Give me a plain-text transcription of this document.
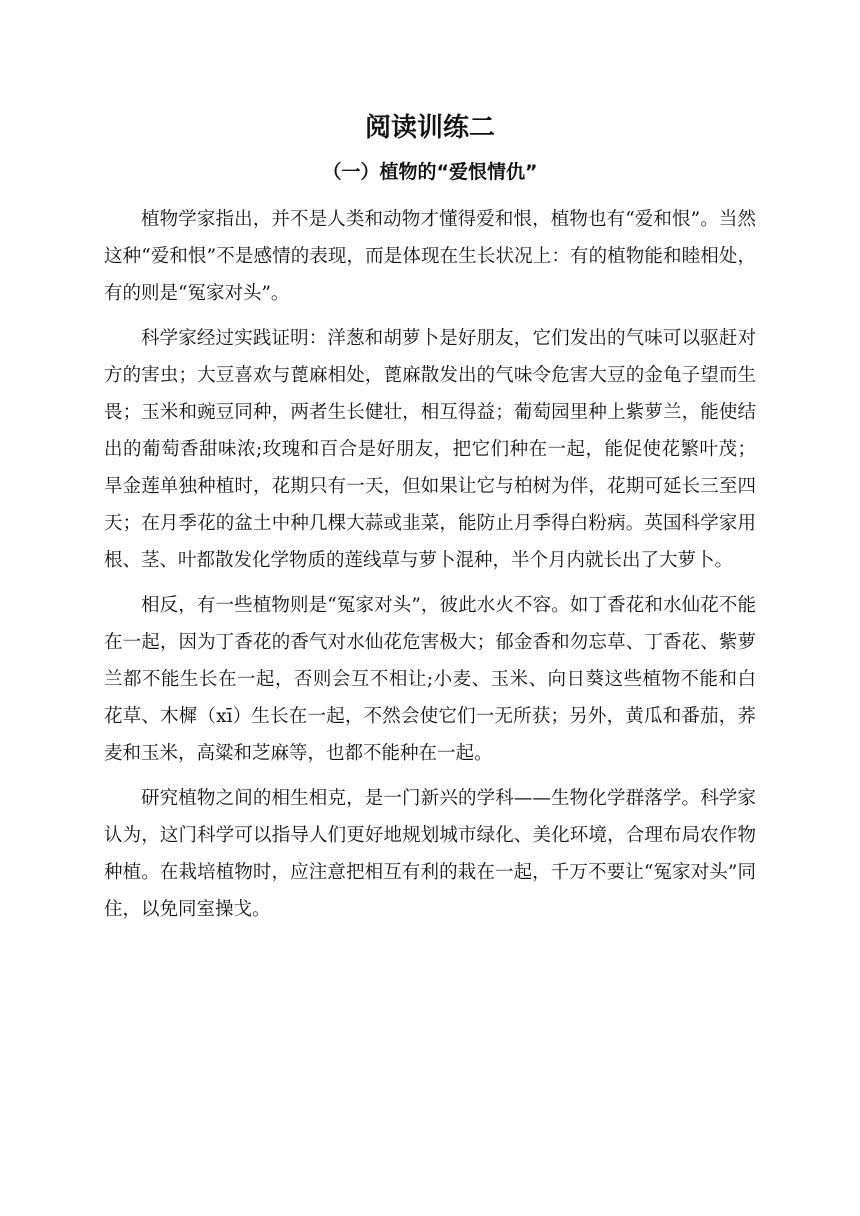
阅读训练二
（一）植物的“爱恨情仇”

植物学家指出，并不是人类和动物才懂得爱和恨，植物也有“爱和恨”。当然这种“爱和恨”不是感情的表现，而是体现在生长状况上：有的植物能和睦相处，有的则是“冤家对头”。

科学家经过实践证明：洋葱和胡萝卜是好朋友，它们发出的气味可以驱赶对方的害虫；大豆喜欢与蓖麻相处，蓖麻散发出的气味令危害大豆的金龟子望而生畏；玉米和豌豆同种，两者生长健壮，相互得益；葡萄园里种上紫萝兰，能使结出的葡萄香甜味浓;玫瑰和百合是好朋友，把它们种在一起，能促使花繁叶茂；旱金莲单独种植时，花期只有一天，但如果让它与柏树为伴，花期可延长三至四天；在月季花的盆土中种几棵大蒜或韭菜，能防止月季得白粉病。英国科学家用根、茎、叶都散发化学物质的莲线草与萝卜混种，半个月内就长出了大萝卜。

相反，有一些植物则是“冤家对头”，彼此水火不容。如丁香花和水仙花不能在一起，因为丁香花的香气对水仙花危害极大；郁金香和勿忘草、丁香花、紫萝兰都不能生长在一起，否则会互不相让;小麦、玉米、向日葵这些植物不能和白花草、木樨（xī）生长在一起，不然会使它们一无所获；另外，黄瓜和番茄，荞麦和玉米，高粱和芝麻等，也都不能种在一起。

研究植物之间的相生相克，是一门新兴的学科——生物化学群落学。科学家认为，这门科学可以指导人们更好地规划城市绿化、美化环境，合理布局农作物种植。在栽培植物时，应注意把相互有利的栽在一起，千万不要让“冤家对头”同住，以免同室操戈。
